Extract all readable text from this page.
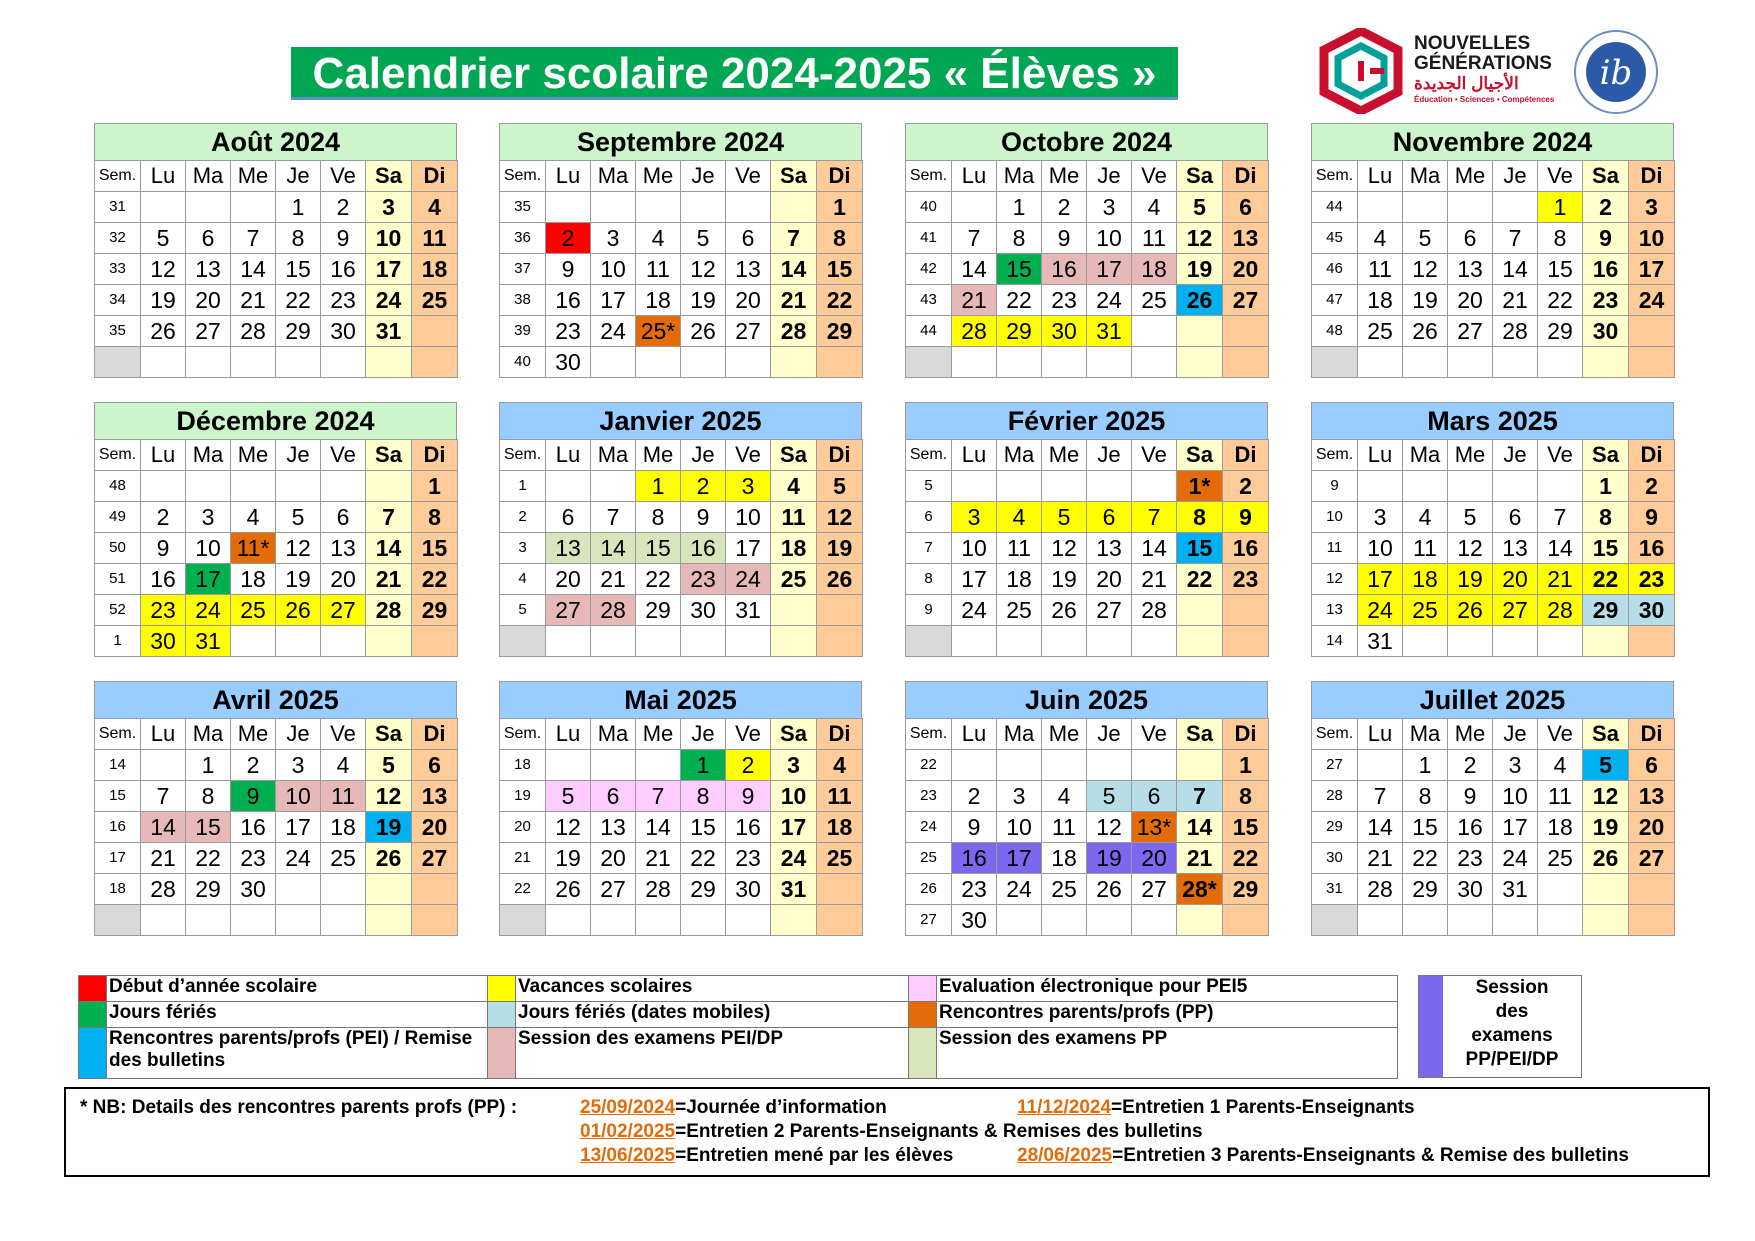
Calendrier scolaire 2024-2025 « Élèves »
NOUVELLES
GÉNÉRATIONS
الأجيال الجديدة
Éducation • Sciences • Compétences
ib
Août 2024
Sem.	Lu	Ma	Me	Je	Ve	Sa	Di
31				1	2	3	4
32	5	6	7	8	9	10	11
33	12	13	14	15	16	17	18
34	19	20	21	22	23	24	25
35	26	27	28	29	30	31	

Septembre 2024
Sem.	Lu	Ma	Me	Je	Ve	Sa	Di
35							1
36	2	3	4	5	6	7	8
37	9	10	11	12	13	14	15
38	16	17	18	19	20	21	22
39	23	24	25*	26	27	28	29
40	30						
Octobre 2024
Sem.	Lu	Ma	Me	Je	Ve	Sa	Di
40		1	2	3	4	5	6
41	7	8	9	10	11	12	13
42	14	15	16	17	18	19	20
43	21	22	23	24	25	26	27
44	28	29	30	31			

Novembre 2024
Sem.	Lu	Ma	Me	Je	Ve	Sa	Di
44					1	2	3
45	4	5	6	7	8	9	10
46	11	12	13	14	15	16	17
47	18	19	20	21	22	23	24
48	25	26	27	28	29	30	

Décembre 2024
Sem.	Lu	Ma	Me	Je	Ve	Sa	Di
48							1
49	2	3	4	5	6	7	8
50	9	10	11*	12	13	14	15
51	16	17	18	19	20	21	22
52	23	24	25	26	27	28	29
1	30	31					
Janvier 2025
Sem.	Lu	Ma	Me	Je	Ve	Sa	Di
1			1	2	3	4	5
2	6	7	8	9	10	11	12
3	13	14	15	16	17	18	19
4	20	21	22	23	24	25	26
5	27	28	29	30	31		

Février 2025
Sem.	Lu	Ma	Me	Je	Ve	Sa	Di
5						1*	2
6	3	4	5	6	7	8	9
7	10	11	12	13	14	15	16
8	17	18	19	20	21	22	23
9	24	25	26	27	28		

Mars 2025
Sem.	Lu	Ma	Me	Je	Ve	Sa	Di
9						1	2
10	3	4	5	6	7	8	9
11	10	11	12	13	14	15	16
12	17	18	19	20	21	22	23
13	24	25	26	27	28	29	30
14	31						
Avril 2025
Sem.	Lu	Ma	Me	Je	Ve	Sa	Di
14		1	2	3	4	5	6
15	7	8	9	10	11	12	13
16	14	15	16	17	18	19	20
17	21	22	23	24	25	26	27
18	28	29	30				

Mai 2025
Sem.	Lu	Ma	Me	Je	Ve	Sa	Di
18				1	2	3	4
19	5	6	7	8	9	10	11
20	12	13	14	15	16	17	18
21	19	20	21	22	23	24	25
22	26	27	28	29	30	31	

Juin 2025
Sem.	Lu	Ma	Me	Je	Ve	Sa	Di
22							1
23	2	3	4	5	6	7	8
24	9	10	11	12	13*	14	15
25	16	17	18	19	20	21	22
26	23	24	25	26	27	28*	29
27	30						
Juillet 2025
Sem.	Lu	Ma	Me	Je	Ve	Sa	Di
27		1	2	3	4	5	6
28	7	8	9	10	11	12	13
29	14	15	16	17	18	19	20
30	21	22	23	24	25	26	27
31	28	29	30	31			

	Début d’année scolaire		Vacances scolaires		Evaluation électronique pour PEI5
	Jours fériés		Jours fériés (dates mobiles)		Rencontres parents/profs (PP)
	Rencontres parents/profs (PEI) / Remise des bulletins		Session des examens PEI/DP		Session des examens PP
Session
des
examens
PP/PEI/DP
* NB: Details des rencontres parents profs (PP) :	25/09/2024=Journée d’information	11/12/2024=Entretien 1 Parents-Enseignants
01/02/2025=Entretien 2 Parents-Enseignants & Remises des bulletins
13/06/2025=Entretien mené par les élèves	28/06/2025=Entretien 3 Parents-Enseignants & Remise des bulletins
